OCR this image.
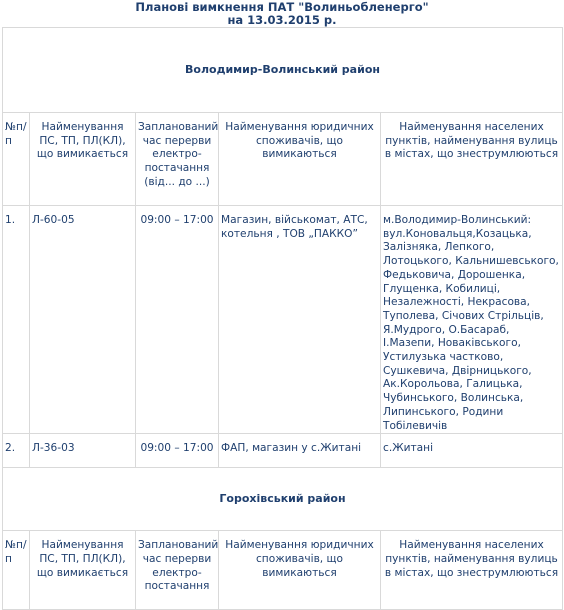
Планові вимкнення ПАТ "Волиньобленерго"
на 13.03.2015 р.
Володимир-Волинський район				
№п/п	Найменування ПС, ТП, ПЛ(КЛ), що вимикається	Запланований час перерви електро-постачання (від... до ...)	Найменування юридичних споживачів, що вимикаються	Найменування населених пунктів, найменування вулиць в містах, що знеструмлюються
1.	Л-60-05	09:00 – 17:00	Магазин, військомат, АТС, котельня , ТОВ „ПАККО”	м.Володимир-Волинський: вул.Коновальця,Козацька, Залізняка, Лепкого, Лотоцького, Кальнишевського, Федьковича, Дорошенка, Глущенка, Кобилиці, Незалежності, Некрасова, Туполева, Січових Стрільців, Я.Мудрого, О.Басараб, І.Мазепи, Новаківського, Устилузька частково, Сушкевича, Двірницького, Ак.Корольова, Галицька, Чубинського, Волинська, Липинського, Родини Тобілевичів
2.	Л-36-03	09:00 – 17:00	ФАП, магазин у с.Житані	с.Житані
Горохівський район				
№п/п	Найменування ПС, ТП, ПЛ(КЛ), що вимикається	Запланований час перерви електро-постачання	Найменування юридичних споживачів, що вимикаються	Найменування населених пунктів, найменування вулиць в містах, що знеструмлюються
